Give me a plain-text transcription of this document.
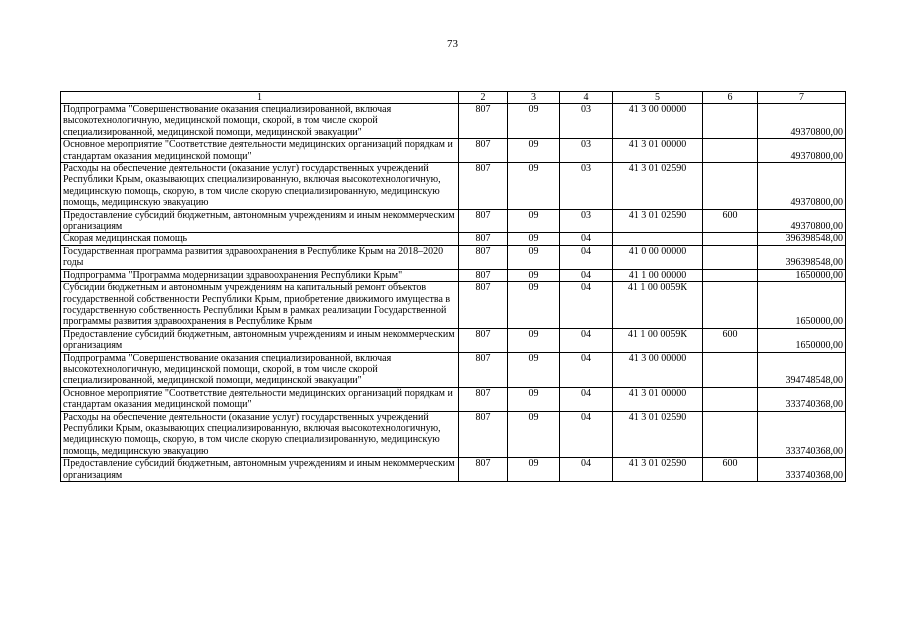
73
1	2	3	4	5	6	7
Подпрограмма "Совершенствование оказания специализированной, включая высокотехнологичную, медицинской помощи, скорой, в том числе скорой специализированной, медицинской помощи, медицинской эвакуации"	807	09	03	41 3 00 00000		49370800,00
Основное мероприятие "Соответствие деятельности медицинских организаций порядкам и стандартам оказания медицинской помощи"	807	09	03	41 3 01 00000		49370800,00
Расходы на обеспечение деятельности (оказание услуг) государственных учреждений Республики Крым, оказывающих специализированную, включая высокотехнологичную, медицинскую помощь, скорую, в том числе скорую специализированную, медицинскую помощь, медицинскую эвакуацию	807	09	03	41 3 01 02590		49370800,00
Предоставление субсидий бюджетным, автономным учреждениям и иным некоммерческим организациям	807	09	03	41 3 01 02590	600	49370800,00
Скорая медицинская помощь	807	09	04			396398548,00
Государственная программа развития здравоохранения в Республике Крым на 2018–2020 годы	807	09	04	41 0 00 00000		396398548,00
Подпрограмма "Программа модернизации здравоохранения Республики Крым"	807	09	04	41 1 00 00000		1650000,00
Субсидии бюджетным и автономным учреждениям на капитальный ремонт объектов государственной собственности Республики Крым, приобретение движимого имущества в государственную собственность Республики Крым в рамках реализации Государственной программы развития здравоохранения в Республике Крым	807	09	04	41 1 00 0059К		1650000,00
Предоставление субсидий бюджетным, автономным учреждениям и иным некоммерческим организациям	807	09	04	41 1 00 0059К	600	1650000,00
Подпрограмма "Совершенствование оказания специализированной, включая высокотехнологичную, медицинской помощи, скорой, в том числе скорой специализированной, медицинской помощи, медицинской эвакуации"	807	09	04	41 3 00 00000		394748548,00
Основное мероприятие "Соответствие деятельности медицинских организаций порядкам и стандартам оказания медицинской помощи"	807	09	04	41 3 01 00000		333740368,00
Расходы на обеспечение деятельности (оказание услуг) государственных учреждений Республики Крым, оказывающих специализированную, включая высокотехнологичную, медицинскую помощь, скорую, в том числе скорую специализированную, медицинскую помощь, медицинскую эвакуацию	807	09	04	41 3 01 02590		333740368,00
Предоставление субсидий бюджетным, автономным учреждениям и иным некоммерческим организациям	807	09	04	41 3 01 02590	600	333740368,00
